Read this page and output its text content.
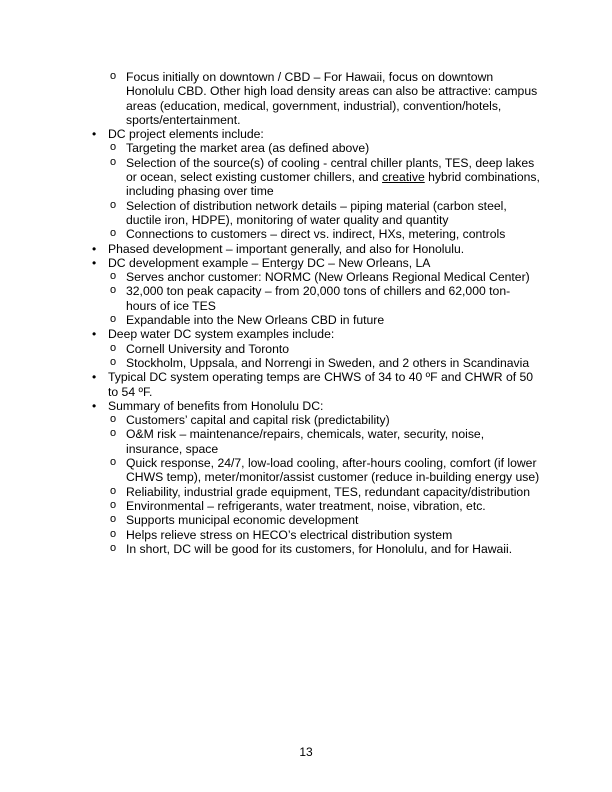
o Focus initially on downtown / CBD – For Hawaii, focus on downtown Honolulu CBD. Other high load density areas can also be attractive: campus areas (education, medical, government, industrial), convention/hotels, sports/entertainment.

• DC project elements include:

o Targeting the market area (as defined above)

o Selection of the source(s) of cooling - central chiller plants, TES, deep lakes or ocean, select existing customer chillers, and creative hybrid combinations, including phasing over time

o Selection of distribution network details – piping material (carbon steel, ductile iron, HDPE), monitoring of water quality and quantity

o Connections to customers – direct vs. indirect, HXs, metering, controls

• Phased development – important generally, and also for Honolulu.

• DC development example – Entergy DC – New Orleans, LA

o Serves anchor customer: NORMC (New Orleans Regional Medical Center)

o 32,000 ton peak capacity – from 20,000 tons of chillers and 62,000 ton-hours of ice TES

o Expandable into the New Orleans CBD in future

• Deep water DC system examples include:

o Cornell University and Toronto

o Stockholm, Uppsala, and Norrengi in Sweden, and 2 others in Scandinavia

• Typical DC system operating temps are CHWS of 34 to 40 ºF and CHWR of 50 to 54 ºF.

• Summary of benefits from Honolulu DC:

o Customers’ capital and capital risk (predictability)

o O&M risk – maintenance/repairs, chemicals, water, security, noise, insurance, space

o Quick response, 24/7, low-load cooling, after-hours cooling, comfort (if lower CHWS temp), meter/monitor/assist customer (reduce in-building energy use)

o Reliability, industrial grade equipment, TES, redundant capacity/distribution

o Environmental – refrigerants, water treatment, noise, vibration, etc.

o Supports municipal economic development

o Helps relieve stress on HECO’s electrical distribution system

o In short, DC will be good for its customers, for Honolulu, and for Hawaii.

13
